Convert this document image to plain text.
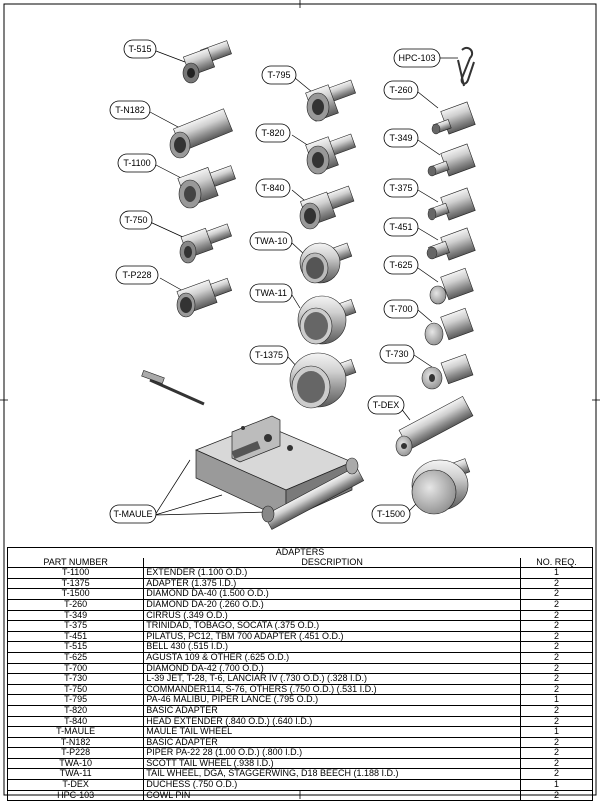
T-515
T-N182
T-1100
T-750
T-P228
T-795
T-820
T-840
TWA-10
TWA-11
T-1375
HPC-103
T-260
T-349
T-375
T-451
T-625
T-700
T-730
T-DEX
T-1500
T-MAULE
ADAPTERS		
PART NUMBER	DESCRIPTION	NO. REQ.
T-1100	EXTENDER (1.100 O.D.)	1
T-1375	ADAPTER (1.375 I.D.)	2
T-1500	DIAMOND DA-40 (1.500 O.D.)	2
T-260	DIAMOND DA-20 (.260 O.D.)	2
T-349	CIRRUS (.349 O.D.)	2
T-375	TRINIDAD, TOBAGO, SOCATA (.375 O.D.)	2
T-451	PILATUS, PC12, TBM 700 ADAPTER (.451 O.D.)	2
T-515	BELL 430 (.515 I.D.)	2
T-625	AGUSTA 109 & OTHER (.625 O.D.)	2
T-700	DIAMOND DA-42 (.700 O.D.)	2
T-730	L-39 JET, T-28, T-6, LANCIAR IV (.730 O.D.) (.328 I.D.)	2
T-750	COMMANDER114, S-76, OTHERS (.750 O.D.) (.531 I.D.)	2
T-795	PA-46 MALIBU, PIPER LANCE (.795 O.D.)	1
T-820	BASIC ADAPTER	2
T-840	HEAD EXTENDER (.840 O.D.) (.640 I.D.)	2
T-MAULE	MAULE TAIL WHEEL	1
T-N182	BASIC ADAPTER	2
T-P228	PIPER PA-22 28 (1.00 O.D.) (.800 I.D.)	2
TWA-10	SCOTT TAIL WHEEL (.938 I.D.)	2
TWA-11	TAIL WHEEL, DGA, STAGGERWING, D18 BEECH (1.188 I.D.)	2
T-DEX	DUCHESS (.750 O.D.)	1
HPC-103	COWL PIN	2
